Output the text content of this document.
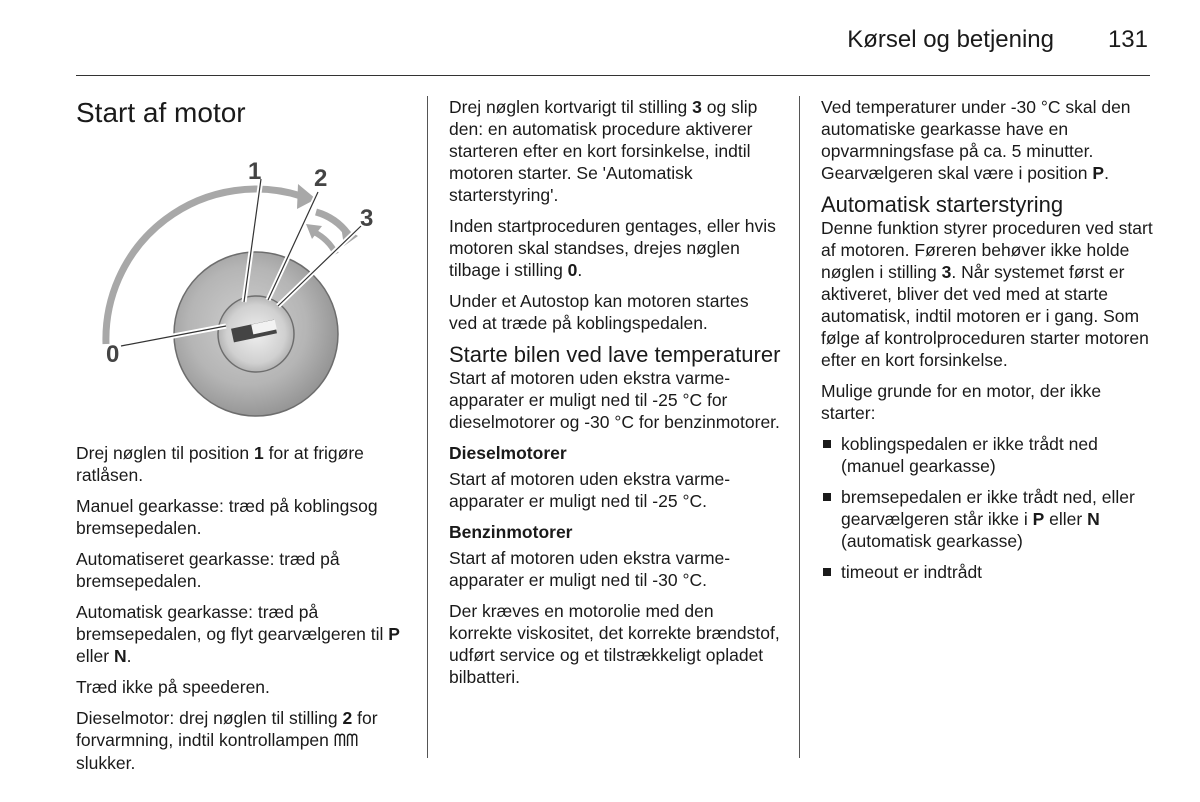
Kørsel og betjening 131
Start af motor
0
1 2
3

Drej nøglen til position 1 for at frigøre ratlåsen.

Manuel gearkasse: træd på koblingsog bremsepedalen.

Automatiseret gearkasse: træd på bremsepedalen.

Automatisk gearkasse: træd på bremsepedalen, og flyt gearvælgeren til P eller N.

Træd ikke på speederen.

Dieselmotor: drej nøglen til stilling 2 for forvarmning, indtil kontrollampen ᗰᗰ slukker.

Drej nøglen kortvarigt til stilling 3 og slip den: en automatisk procedure aktiverer starteren efter en kort forsinkelse, indtil motoren starter. Se 'Automatisk starterstyring'.

Inden startproceduren gentages, eller hvis motoren skal standses, drejes nøglen tilbage i stilling 0.

Under et Autostop kan motoren startes ved at træde på koblingspedalen.

Starte bilen ved lave temperaturer

Start af motoren uden ekstra varmeapparater er muligt ned til -25 °C for dieselmotorer og -30 °C for benzinmotorer.

Dieselmotorer

Start af motoren uden ekstra varmeapparater er muligt ned til -25 °C.

Benzinmotorer

Start af motoren uden ekstra varmeapparater er muligt ned til -30 °C.

Der kræves en motorolie med den korrekte viskositet, det korrekte brændstof, udført service og et tilstrækkeligt opladet bilbatteri.

Ved temperaturer under -30 °C skal den automatiske gearkasse have en opvarmningsfase på ca. 5 minutter. Gearvælgeren skal være i position P.

Automatisk starterstyring

Denne funktion styrer proceduren ved start af motoren. Føreren behøver ikke holde nøglen i stilling 3. Når systemet først er aktiveret, bliver det ved med at starte automatisk, indtil motoren er i gang. Som følge af kontrolproceduren starter motoren efter en kort forsinkelse.

Mulige grunde for en motor, der ikke starter:

koblingspedalen er ikke trådt ned (manuel gearkasse)
bremsepedalen er ikke trådt ned, eller gearvælgeren står ikke i P eller N (automatisk gearkasse)
timeout er indtrådt
